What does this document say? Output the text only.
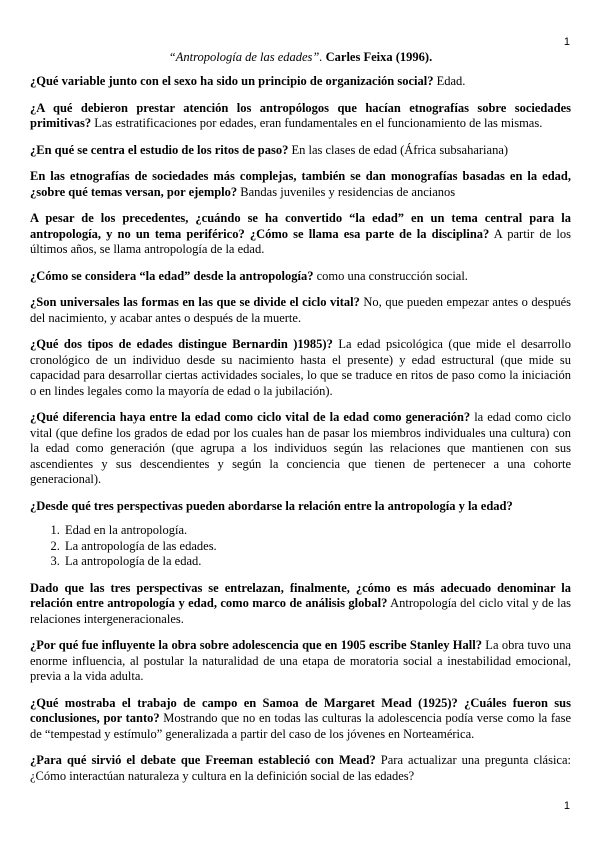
1
“Antropología de las edades”. Carles Feixa (1996).

¿Qué variable junto con el sexo ha sido un principio de organización social? Edad.

¿A qué debieron prestar atención los antropólogos que hacían etnografías sobre sociedades primitivas? Las estratificaciones por edades, eran fundamentales en el funcionamiento de las mismas.

¿En qué se centra el estudio de los ritos de paso? En las clases de edad (África subsahariana)

En las etnografías de sociedades más complejas, también se dan monografías basadas en la edad, ¿sobre qué temas versan, por ejemplo? Bandas juveniles y residencias de ancianos

A pesar de los precedentes, ¿cuándo se ha convertido “la edad” en un tema central para la antropología, y no un tema periférico? ¿Cómo se llama esa parte de la disciplina? A partir de los últimos años, se llama antropología de la edad.

¿Cómo se considera “la edad” desde la antropología? como una construcción social.

¿Son universales las formas en las que se divide el ciclo vital? No, que pueden empezar antes o después del nacimiento, y acabar antes o después de la muerte.

¿Qué dos tipos de edades distingue Bernardin )1985)? La edad psicológica (que mide el desarrollo cronológico de un individuo desde su nacimiento hasta el presente) y edad estructural (que mide su capacidad para desarrollar ciertas actividades sociales, lo que se traduce en ritos de paso como la iniciación o en lindes legales como la mayoría de edad o la jubilación).

¿Qué diferencia haya entre la edad como ciclo vital de la edad como generación? la edad como ciclo vital (que define los grados de edad por los cuales han de pasar los miembros individuales una cultura) con la edad como generación (que agrupa a los individuos según las relaciones que mantienen con sus ascendientes y sus descendientes y según la conciencia que tienen de pertenecer a una cohorte generacional).

¿Desde qué tres perspectivas pueden abordarse la relación entre la antropología y la edad?

1. Edad en la antropología.
2. La antropología de las edades.
3. La antropología de la edad.

Dado que las tres perspectivas se entrelazan, finalmente, ¿cómo es más adecuado denominar la relación entre antropología y edad, como marco de análisis global? Antropología del ciclo vital y de las relaciones intergeneracionales.

¿Por qué fue influyente la obra sobre adolescencia que en 1905 escribe Stanley Hall? La obra tuvo una enorme influencia, al postular la naturalidad de una etapa de moratoria social a inestabilidad emocional, previa a la vida adulta.

¿Qué mostraba el trabajo de campo en Samoa de Margaret Mead (1925)? ¿Cuáles fueron sus conclusiones, por tanto? Mostrando que no en todas las culturas la adolescencia podía verse como la fase de “tempestad y estímulo” generalizada a partir del caso de los jóvenes en Norteamérica.

¿Para qué sirvió el debate que Freeman estableció con Mead? Para actualizar una pregunta clásica: ¿Cómo interactúan naturaleza y cultura en la definición social de las edades?

1
